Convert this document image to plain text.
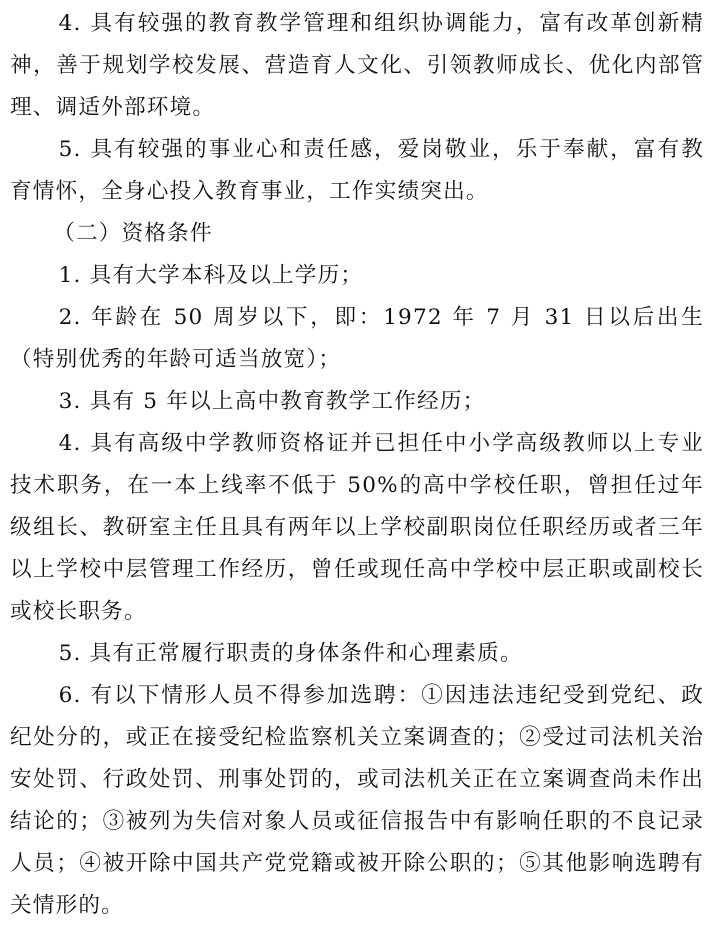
4. 具有较强的教育教学管理和组织协调能力，富有改革创新精神，善于规划学校发展、营造育人文化、引领教师成长、优化内部管理、调适外部环境。

5. 具有较强的事业心和责任感，爱岗敬业，乐于奉献，富有教育情怀，全身心投入教育事业，工作实绩突出。

（二）资格条件

1. 具有大学本科及以上学历；

2. 年龄在 50 周岁以下，即：1972 年 7 月 31 日以后出生（特别优秀的年龄可适当放宽）；

3. 具有 5 年以上高中教育教学工作经历；

4. 具有高级中学教师资格证并已担任中小学高级教师以上专业技术职务，在一本上线率不低于 50%的高中学校任职，曾担任过年级组长、教研室主任且具有两年以上学校副职岗位任职经历或者三年以上学校中层管理工作经历，曾任或现任高中学校中层正职或副校长或校长职务。

5. 具有正常履行职责的身体条件和心理素质。

6. 有以下情形人员不得参加选聘：①因违法违纪受到党纪、政纪处分的，或正在接受纪检监察机关立案调查的；②受过司法机关治安处罚、行政处罚、刑事处罚的，或司法机关正在立案调查尚未作出结论的；③被列为失信对象人员或征信报告中有影响任职的不良记录人员；④被开除中国共产党党籍或被开除公职的；⑤其他影响选聘有关情形的。
